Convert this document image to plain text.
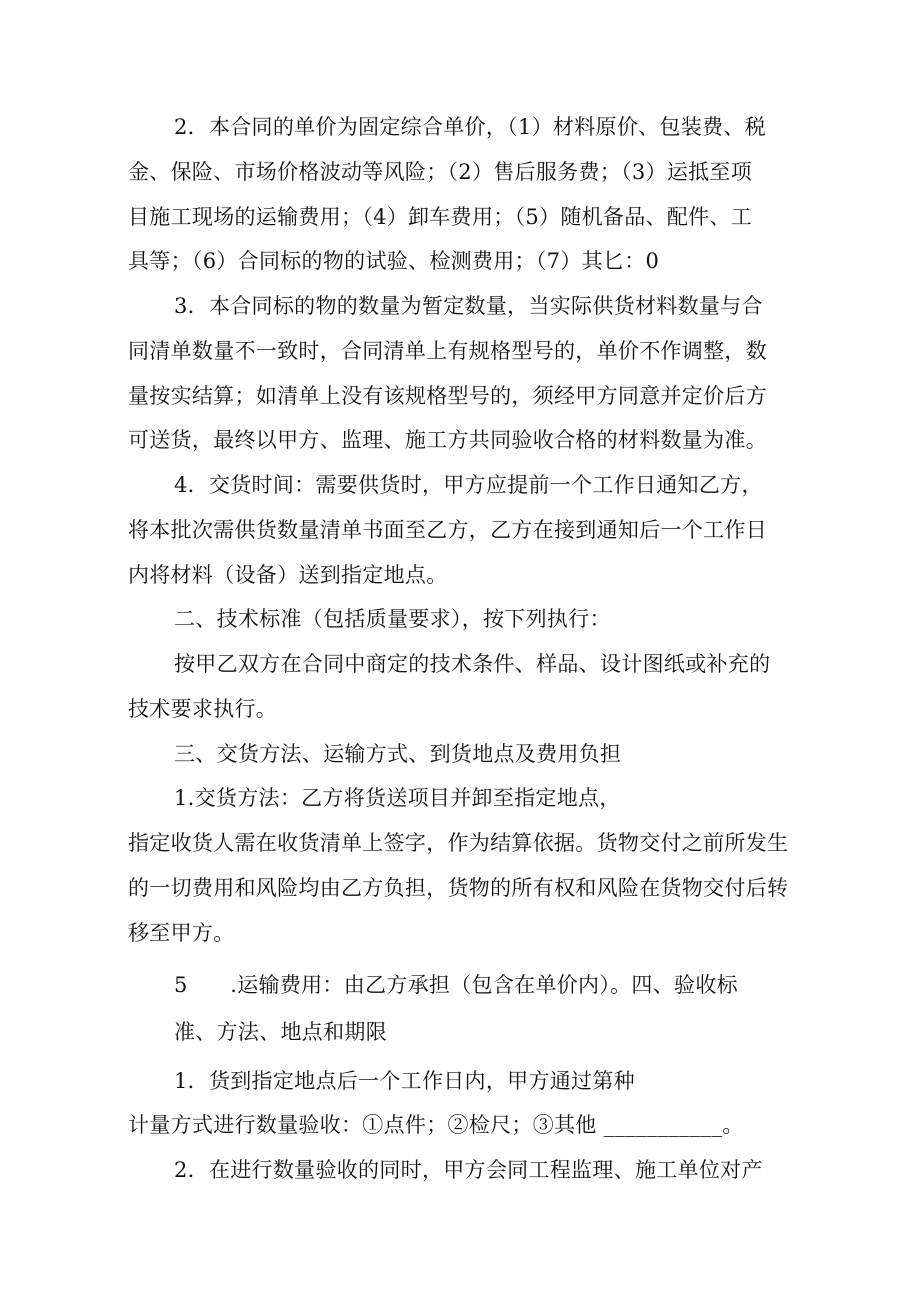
2．本合同的单价为固定综合单价，（1）材料原价、包装费、税
金、保险、市场价格波动等风险；（2）售后服务费；（3）运抵至项
目施工现场的运输费用；（4）卸车费用；（5）随机备品、配件、工
具等；（6）合同标的物的试验、检测费用；（7）其匕：0
3．本合同标的物的数量为暂定数量，当实际供货材料数量与合
同清单数量不一致时，合同清单上有规格型号的，单价不作调整，数
量按实结算；如清单上没有该规格型号的，须经甲方同意并定价后方
可送货，最终以甲方、监理、施工方共同验收合格的材料数量为准。
4．交货时间：需要供货时，甲方应提前一个工作日通知乙方，
将本批次需供货数量清单书面至乙方，乙方在接到通知后一个工作日
内将材料（设备）送到指定地点。
二、技术标准（包括质量要求），按下列执行：
按甲乙双方在合同中商定的技术条件、样品、设计图纸或补充的
技术要求执行。
三、交货方法、运输方式、到货地点及费用负担
1.交货方法：乙方将货送项目并卸至指定地点，
指定收货人需在收货清单上签字，作为结算依据。货物交付之前所发生
的一切费用和风险均由乙方负担，货物的所有权和风险在货物交付后转
移至甲方。
5　　.运输费用：由乙方承担（包含在单价内）。四、验收标
准、方法、地点和期限
1．货到指定地点后一个工作日内，甲方通过第种
计量方式进行数量验收：①点件；②检尺；③其他 ___________。
2．在进行数量验收的同时，甲方会同工程监理、施工单位对产
